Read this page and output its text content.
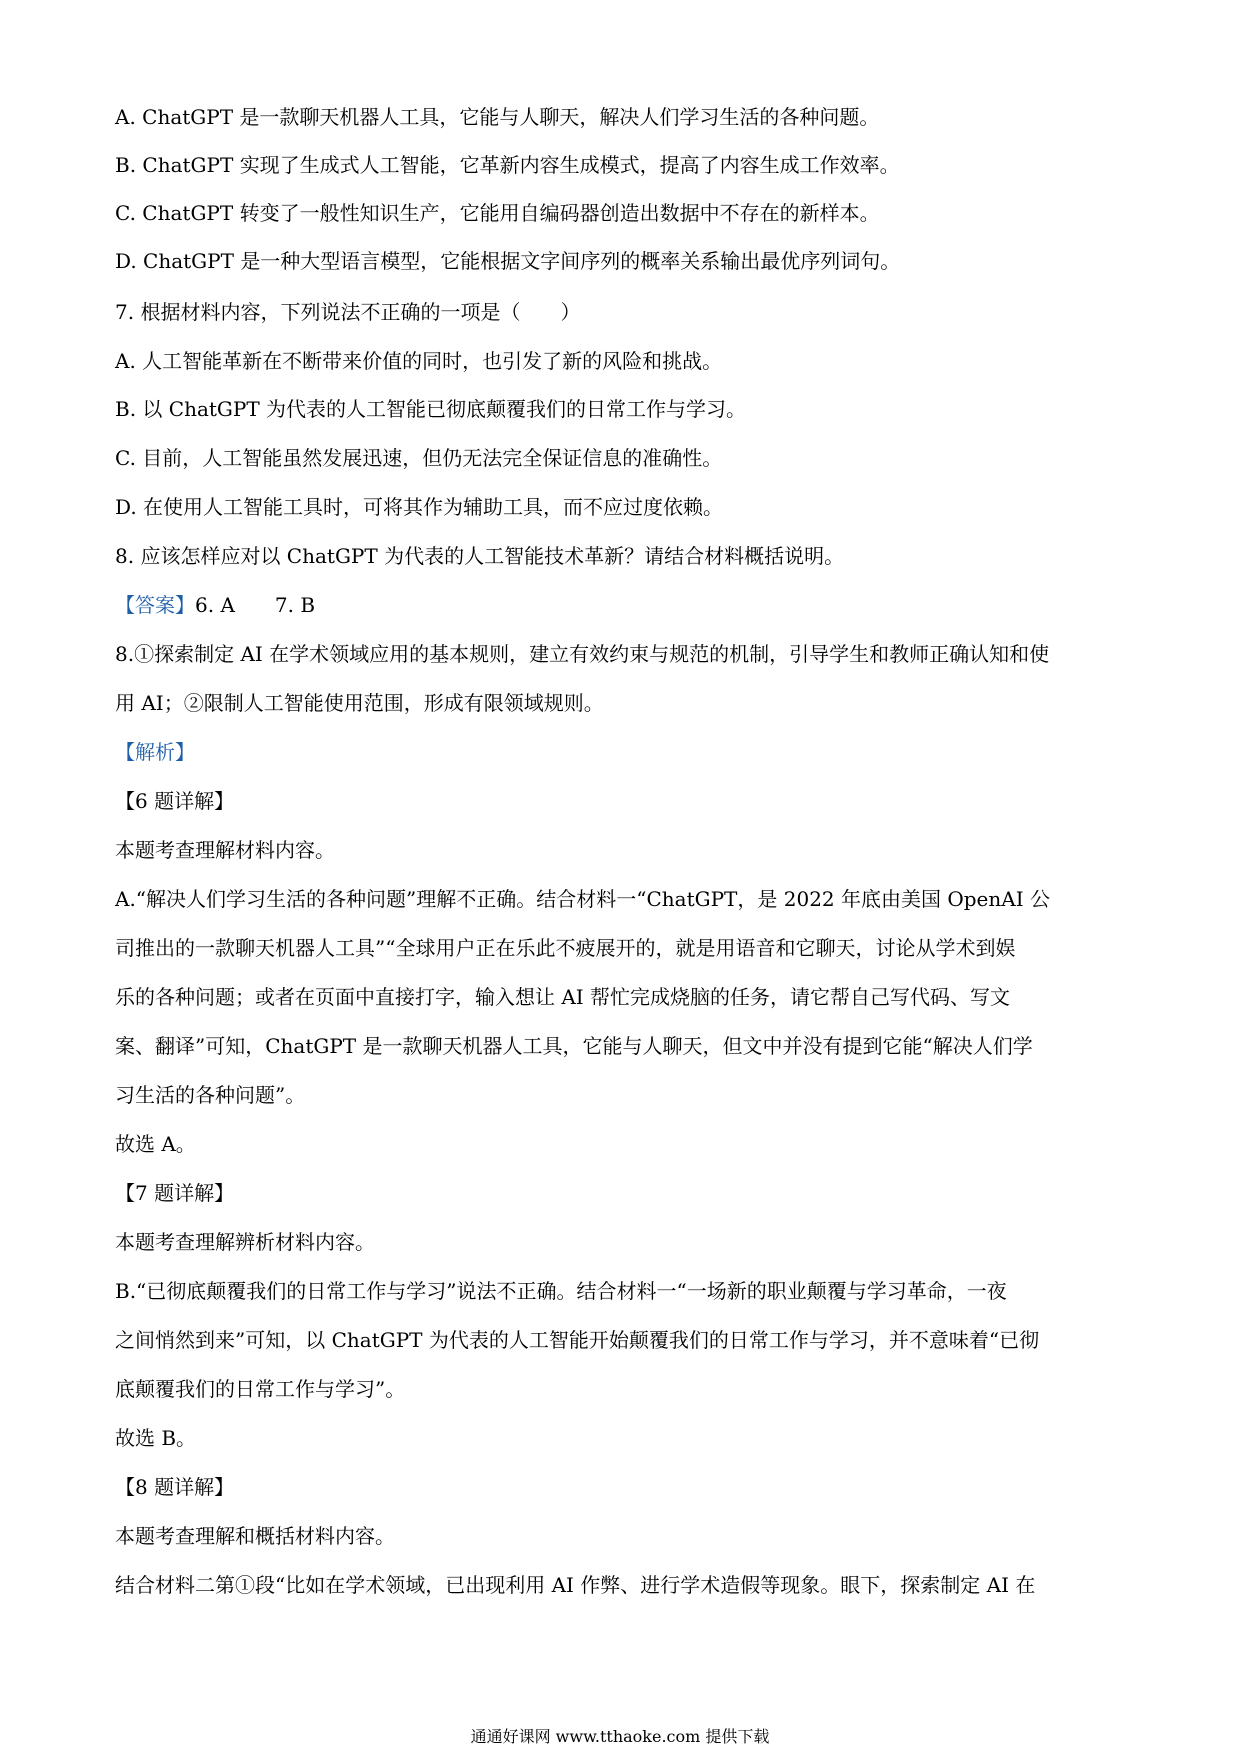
A. ChatGPT 是一款聊天机器人工具，它能与人聊天，解决人们学习生活的各种问题。
B. ChatGPT 实现了生成式人工智能，它革新内容生成模式，提高了内容生成工作效率。
C. ChatGPT 转变了一般性知识生产，它能用自编码器创造出数据中不存在的新样本。
D. ChatGPT 是一种大型语言模型，它能根据文字间序列的概率关系输出最优序列词句。
7. 根据材料内容，下列说法不正确的一项是（　　）
A. 人工智能革新在不断带来价值的同时，也引发了新的风险和挑战。
B. 以 ChatGPT 为代表的人工智能已彻底颠覆我们的日常工作与学习。
C. 目前，人工智能虽然发展迅速，但仍无法完全保证信息的准确性。
D. 在使用人工智能工具时，可将其作为辅助工具，而不应过度依赖。
8. 应该怎样应对以 ChatGPT 为代表的人工智能技术革新？请结合材料概括说明。
【答案】6. A　　7. B
8.①探索制定 AI 在学术领域应用的基本规则，建立有效约束与规范的机制，引导学生和教师正确认知和使
用 AI；②限制人工智能使用范围，形成有限领域规则。
【解析】
【6 题详解】
本题考查理解材料内容。
A.“解决人们学习生活的各种问题”理解不正确。结合材料一“ChatGPT，是 2022 年底由美国 OpenAI 公
司推出的一款聊天机器人工具”“全球用户正在乐此不疲展开的，就是用语音和它聊天，讨论从学术到娱
乐的各种问题；或者在页面中直接打字，输入想让 AI 帮忙完成烧脑的任务，请它帮自己写代码、写文
案、翻译”可知，ChatGPT 是一款聊天机器人工具，它能与人聊天，但文中并没有提到它能“解决人们学
习生活的各种问题”。
故选 A。
【7 题详解】
本题考查理解辨析材料内容。
B.“已彻底颠覆我们的日常工作与学习”说法不正确。结合材料一“一场新的职业颠覆与学习革命，一夜
之间悄然到来”可知，以 ChatGPT 为代表的人工智能开始颠覆我们的日常工作与学习，并不意味着“已彻
底颠覆我们的日常工作与学习”。
故选 B。
【8 题详解】
本题考查理解和概括材料内容。
结合材料二第①段“比如在学术领域，已出现利用 AI 作弊、进行学术造假等现象。眼下，探索制定 AI 在
通通好课网 www.tthaoke.com 提供下载
